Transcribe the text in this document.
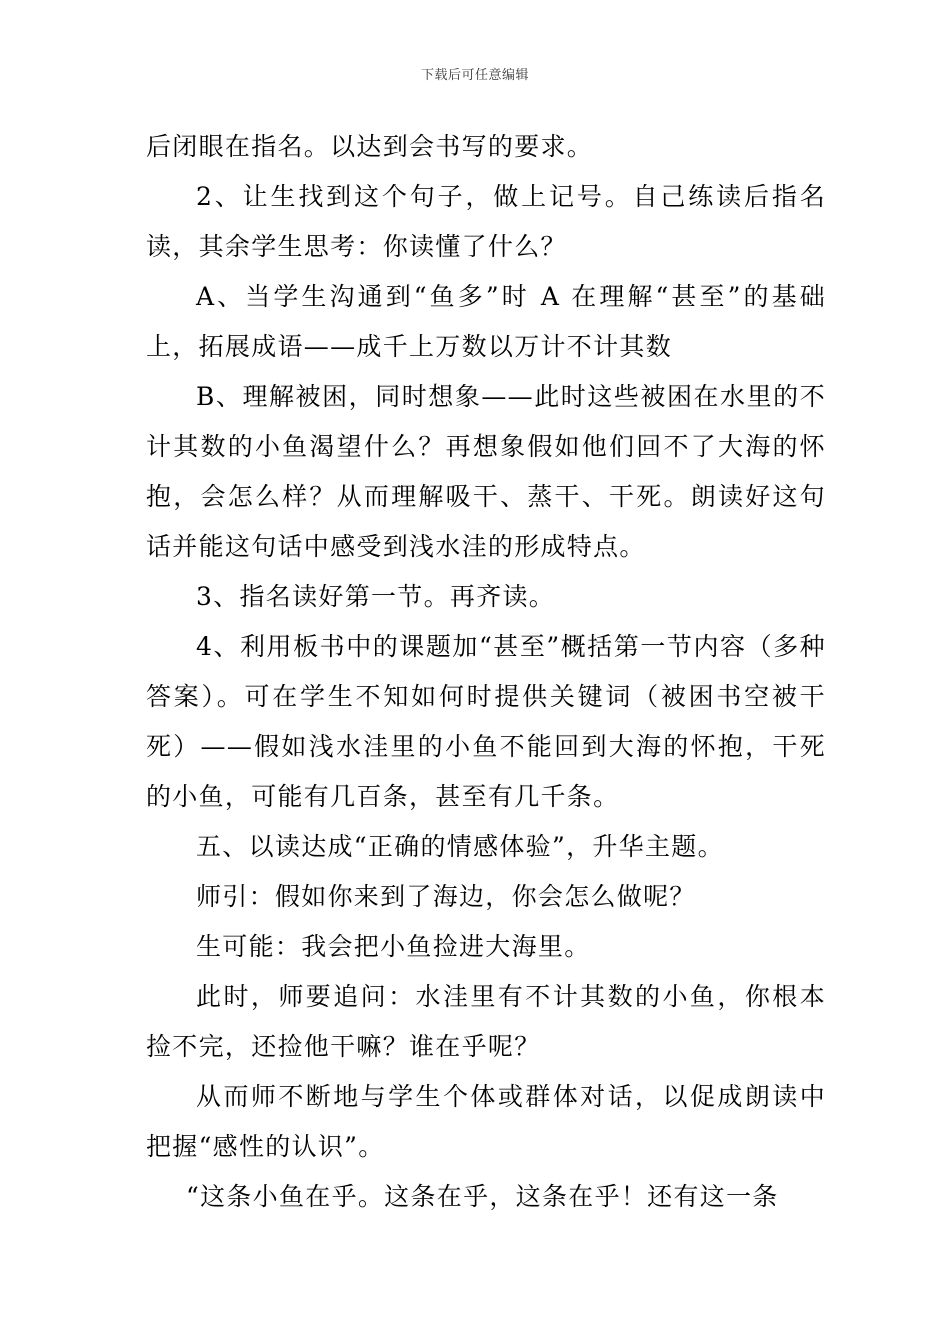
下载后可任意编辑

后闭眼在指名。以达到会书写的要求。

2、让生找到这个句子，做上记号。自己练读后指名读，其余学生思考：你读懂了什么？

A、当学生沟通到“鱼多”时 A 在理解“甚至”的基础上，拓展成语——成千上万数以万计不计其数

B、理解被困，同时想象——此时这些被困在水里的不计其数的小鱼渴望什么？再想象假如他们回不了大海的怀抱，会怎么样？从而理解吸干、蒸干、干死。朗读好这句话并能这句话中感受到浅水洼的形成特点。

3、指名读好第一节。再齐读。

4、利用板书中的课题加“甚至”概括第一节内容（多种答案）。可在学生不知如何时提供关键词（被困书空被干死）——假如浅水洼里的小鱼不能回到大海的怀抱，干死的小鱼，可能有几百条，甚至有几千条。

五、以读达成“正确的情感体验”，升华主题。

师引：假如你来到了海边，你会怎么做呢？

生可能：我会把小鱼捡进大海里。

此时，师要追问：水洼里有不计其数的小鱼，你根本捡不完，还捡他干嘛？谁在乎呢？

从而师不断地与学生个体或群体对话，以促成朗读中把握“感性的认识”。

“这条小鱼在乎。这条在乎，这条在乎！还有这一条
